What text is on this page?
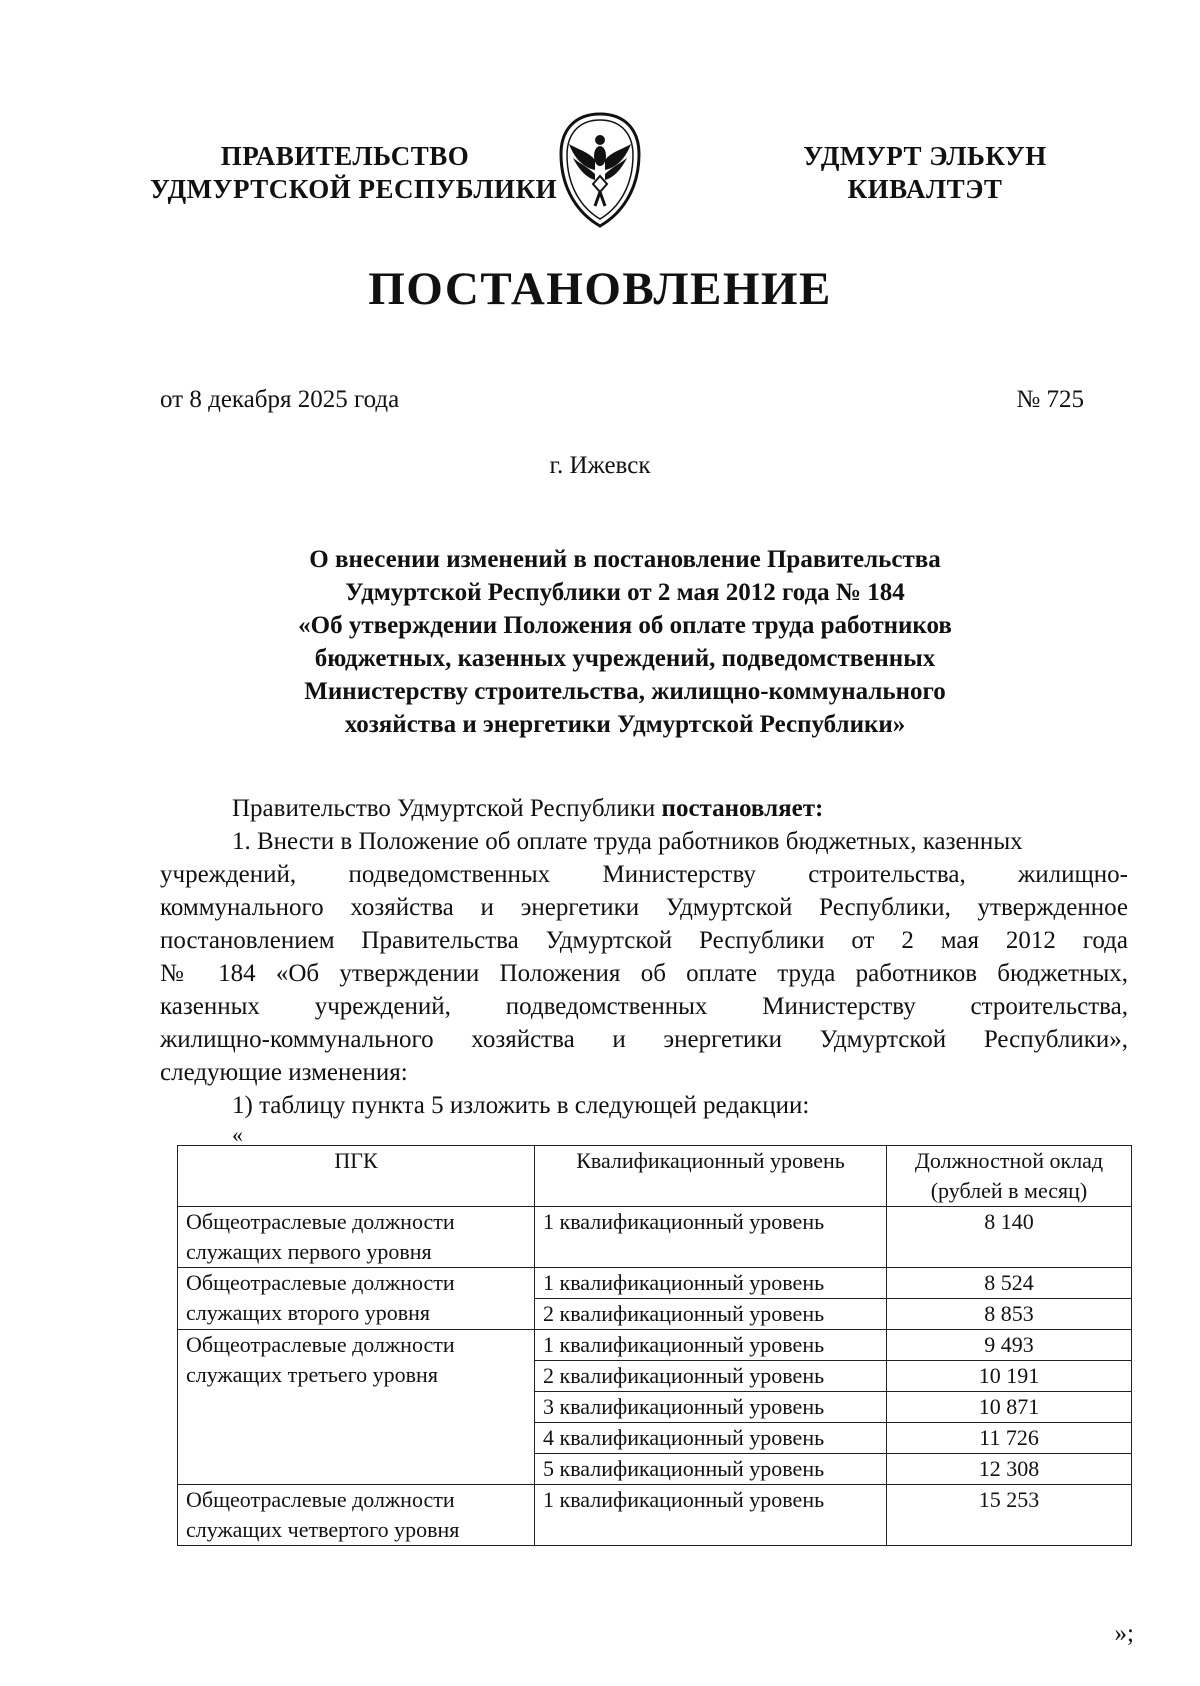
ПРАВИТЕЛЬСТВО
УДМУРТСКОЙ РЕСПУБЛИКИ
УДМУРТ ЭЛЬКУН
КИВАЛТЭТ
ПОСТАНОВЛЕНИЕ
от 8 декабря 2025 года	№ 725
г. Ижевск
О внесении изменений в постановление Правительства
Удмуртской Республики от 2 мая 2012 года № 184
«Об утверждении Положения об оплате труда работников
бюджетных, казенных учреждений, подведомственных
Министерству строительства, жилищно-коммунального
хозяйства и энергетики Удмуртской Республики»
Правительство Удмуртской Республики постановляет:
1. Внести в Положение об оплате труда работников бюджетных, казенных
учреждений, подведомственных Министерству строительства, жилищно-
коммунального хозяйства и энергетики Удмуртской Республики, утвержденное
постановлением Правительства Удмуртской Республики от 2 мая 2012 года
№ 184 «Об утверждении Положения об оплате труда работников бюджетных,
казенных учреждений, подведомственных Министерству строительства,
жилищно-коммунального хозяйства и энергетики Удмуртской Республики»,
следующие изменения:
1) таблицу пункта 5 изложить в следующей редакции:
«
ПГК	Квалификационный уровень	Должностной оклад (рублей в месяц)
Общеотраслевые должности служащих первого уровня	1 квалификационный уровень	8 140
Общеотраслевые должности служащих второго уровня	1 квалификационный уровень	8 524
	2 квалификационный уровень	8 853
Общеотраслевые должности служащих третьего уровня	1 квалификационный уровень	9 493
	2 квалификационный уровень	10 191
	3 квалификационный уровень	10 871
	4 квалификационный уровень	11 726
	5 квалификационный уровень	12 308
Общеотраслевые должности служащих четвертого уровня	1 квалификационный уровень	15 253
»;
